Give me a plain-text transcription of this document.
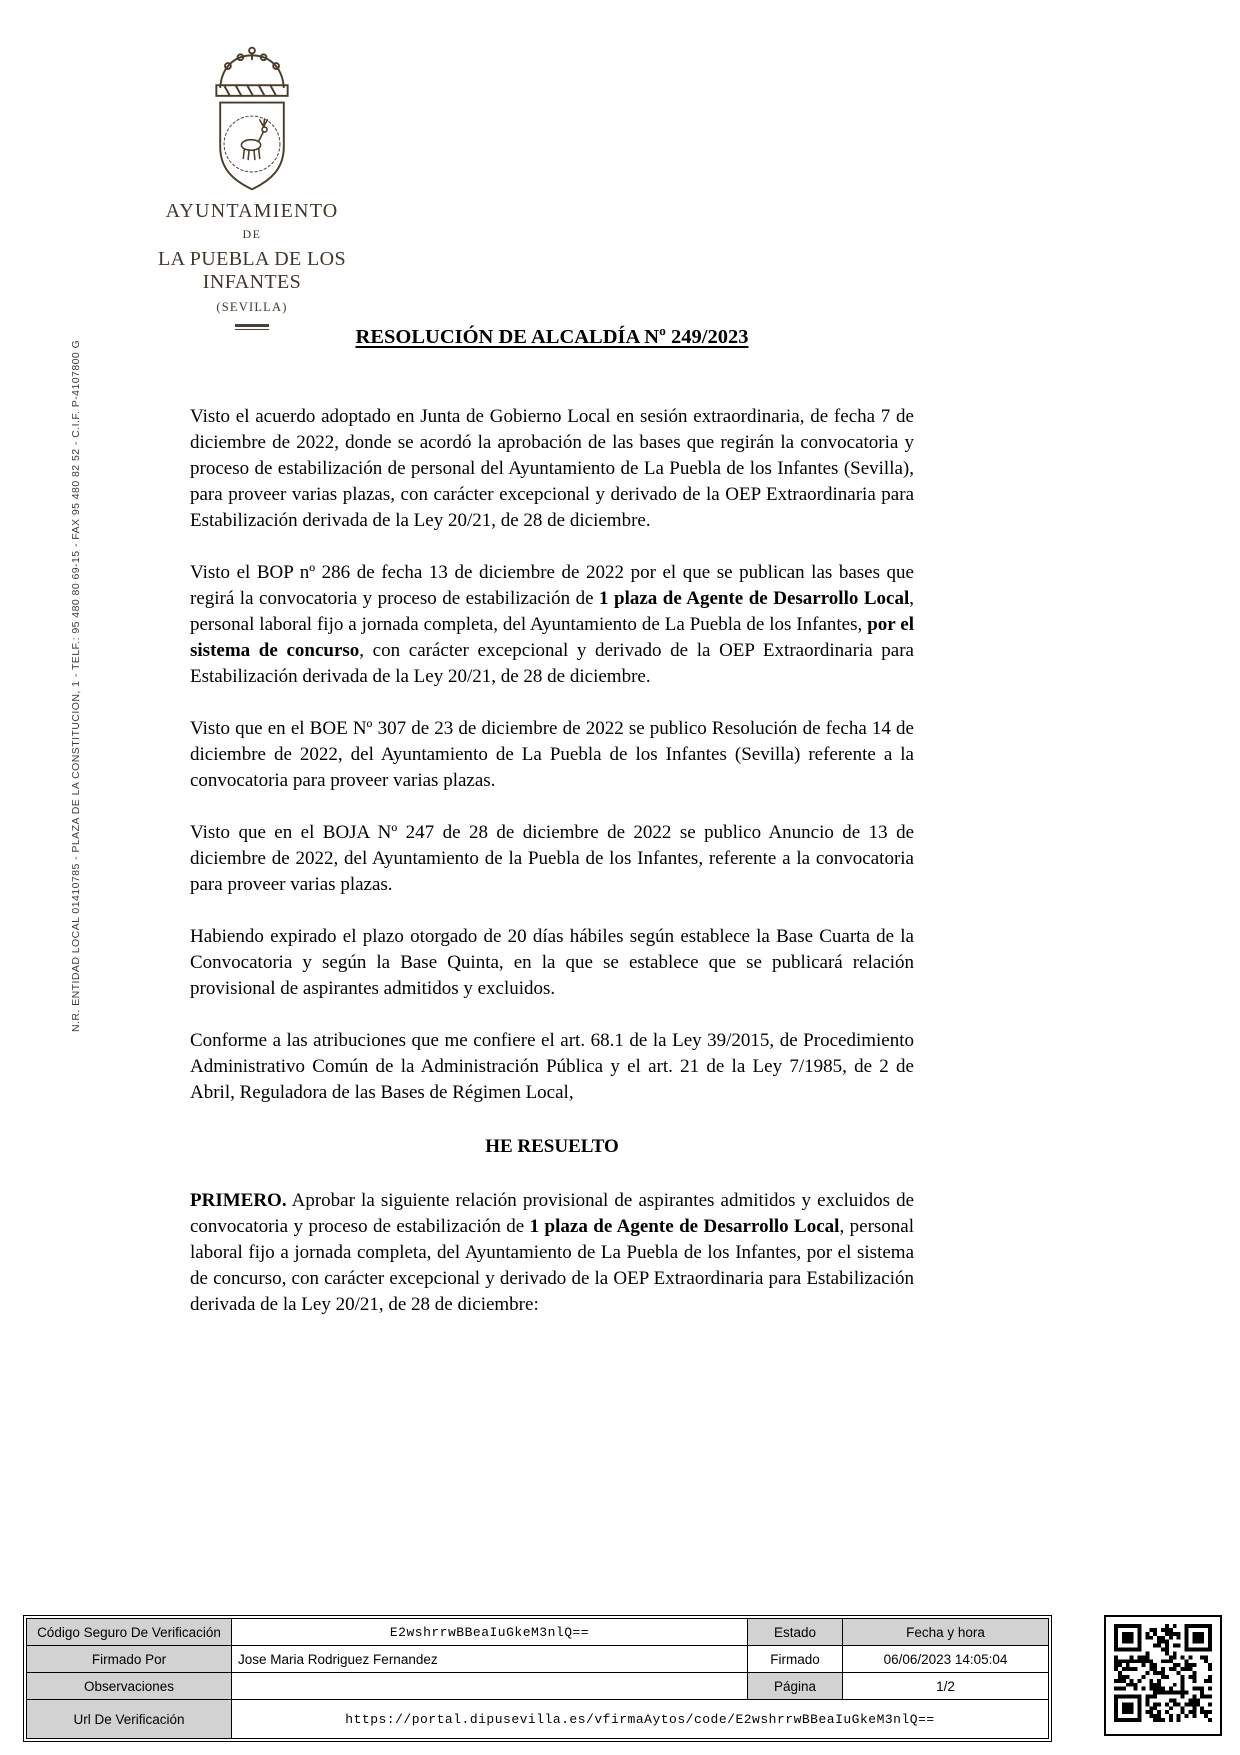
N.R. ENTIDAD LOCAL 01410785 - PLAZA DE LA CONSTITUCION, 1 - TELF.: 95 480 80 69-15 - FAX 95 480 82 52 - C.I.F. P-4107800 G
AYUNTAMIENTO
DE
LA PUEBLA DE LOS INFANTES
(SEVILLA)
RESOLUCIÓN DE ALCALDÍA Nº 249/2023

Visto el acuerdo adoptado en Junta de Gobierno Local en sesión extraordinaria, de fecha 7 de diciembre de 2022, donde se acordó la aprobación de las bases que regirán la convocatoria y proceso de estabilización de personal del Ayuntamiento de La Puebla de los Infantes (Sevilla), para proveer varias plazas, con carácter excepcional y derivado de la OEP Extraordinaria para Estabilización derivada de la Ley 20/21, de 28 de diciembre.

Visto el BOP nº 286 de fecha 13 de diciembre de 2022 por el que se publican las bases que regirá la convocatoria y proceso de estabilización de 1 plaza de Agente de Desarrollo Local, personal laboral fijo a jornada completa, del Ayuntamiento de La Puebla de los Infantes, por el sistema de concurso, con carácter excepcional y derivado de la OEP Extraordinaria para Estabilización derivada de la Ley 20/21, de 28 de diciembre.

Visto que en el BOE Nº 307 de 23 de diciembre de 2022 se publico Resolución de fecha 14 de diciembre de 2022, del Ayuntamiento de La Puebla de los Infantes (Sevilla) referente a la convocatoria para proveer varias plazas.

Visto que en el BOJA Nº 247 de 28 de diciembre de 2022 se publico Anuncio de 13 de diciembre de 2022, del Ayuntamiento de la Puebla de los Infantes, referente a la convocatoria para proveer varias plazas.

Habiendo expirado el plazo otorgado de 20 días hábiles según establece la Base Cuarta de la Convocatoria y según la Base Quinta, en la que se establece que se publicará relación provisional de aspirantes admitidos y excluidos.

Conforme a las atribuciones que me confiere el art. 68.1 de la Ley 39/2015, de Procedimiento Administrativo Común de la Administración Pública y el art. 21 de la Ley 7/1985, de 2 de Abril, Reguladora de las Bases de Régimen Local,

HE RESUELTO

PRIMERO. Aprobar la siguiente relación provisional de aspirantes admitidos y excluidos de convocatoria y proceso de estabilización de 1 plaza de Agente de Desarrollo Local, personal laboral fijo a jornada completa, del Ayuntamiento de La Puebla de los Infantes, por el sistema de concurso, con carácter excepcional y derivado de la OEP Extraordinaria para Estabilización derivada de la Ley 20/21, de 28 de diciembre:

Código Seguro De Verificación	E2wshrrwBBeaIuGkeM3nlQ==	Estado	Fecha y hora
Firmado Por	Jose Maria Rodriguez Fernandez	Firmado	06/06/2023 14:05:04
Observaciones		Página	1/2
Url De Verificación	https://portal.dipusevilla.es/vfirmaAytos/code/E2wshrrwBBeaIuGkeM3nlQ==		
